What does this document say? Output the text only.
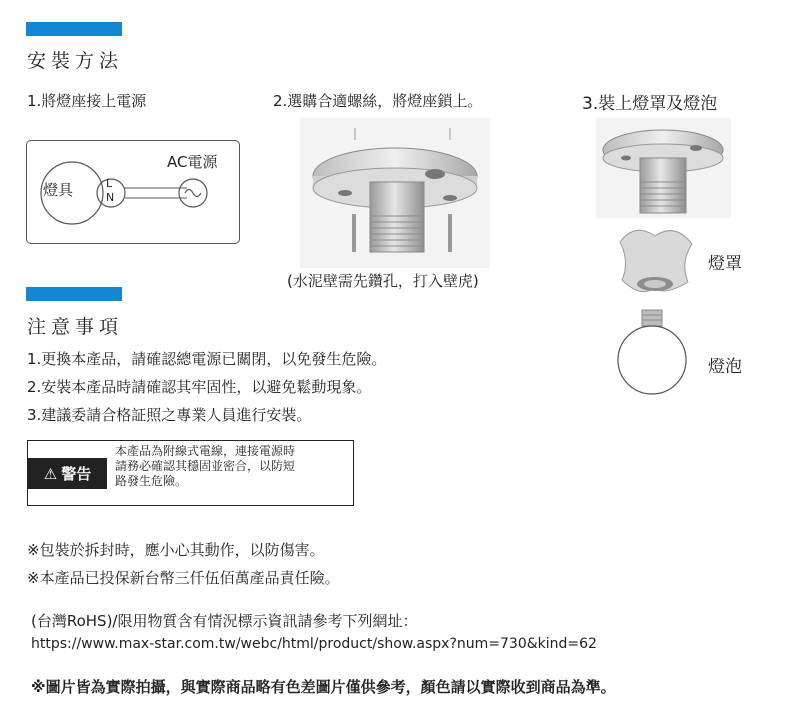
安裝方法
1.將燈座接上電源	2.選購合適螺絲，將燈座鎖上。	3.裝上燈罩及燈泡
燈具	L
N
AC電源
(水泥壁需先鑽孔，打入壁虎)
燈罩
燈泡
注意事項
1.更換本產品，請確認總電源已關閉，以免發生危險。
2.安裝本產品時請確認其牢固性，以避免鬆動現象。
3.建議委請合格証照之專業人員進行安裝。
⚠ 警告
本產品為附線式電線，連接電源時
請務必確認其穩固並密合，以防短
路發生危險。
※包裝於拆封時，應小心其動作，以防傷害。
※本產品已投保新台幣三仟伍佰萬產品責任險。
(台灣RoHS)/限用物質含有情況標示資訊請參考下列網址：
https://www.max-star.com.tw/webc/html/product/show.aspx?num=730&kind=62
※圖片皆為實際拍攝，與實際商品略有色差圖片僅供參考，顏色請以實際收到商品為準。
